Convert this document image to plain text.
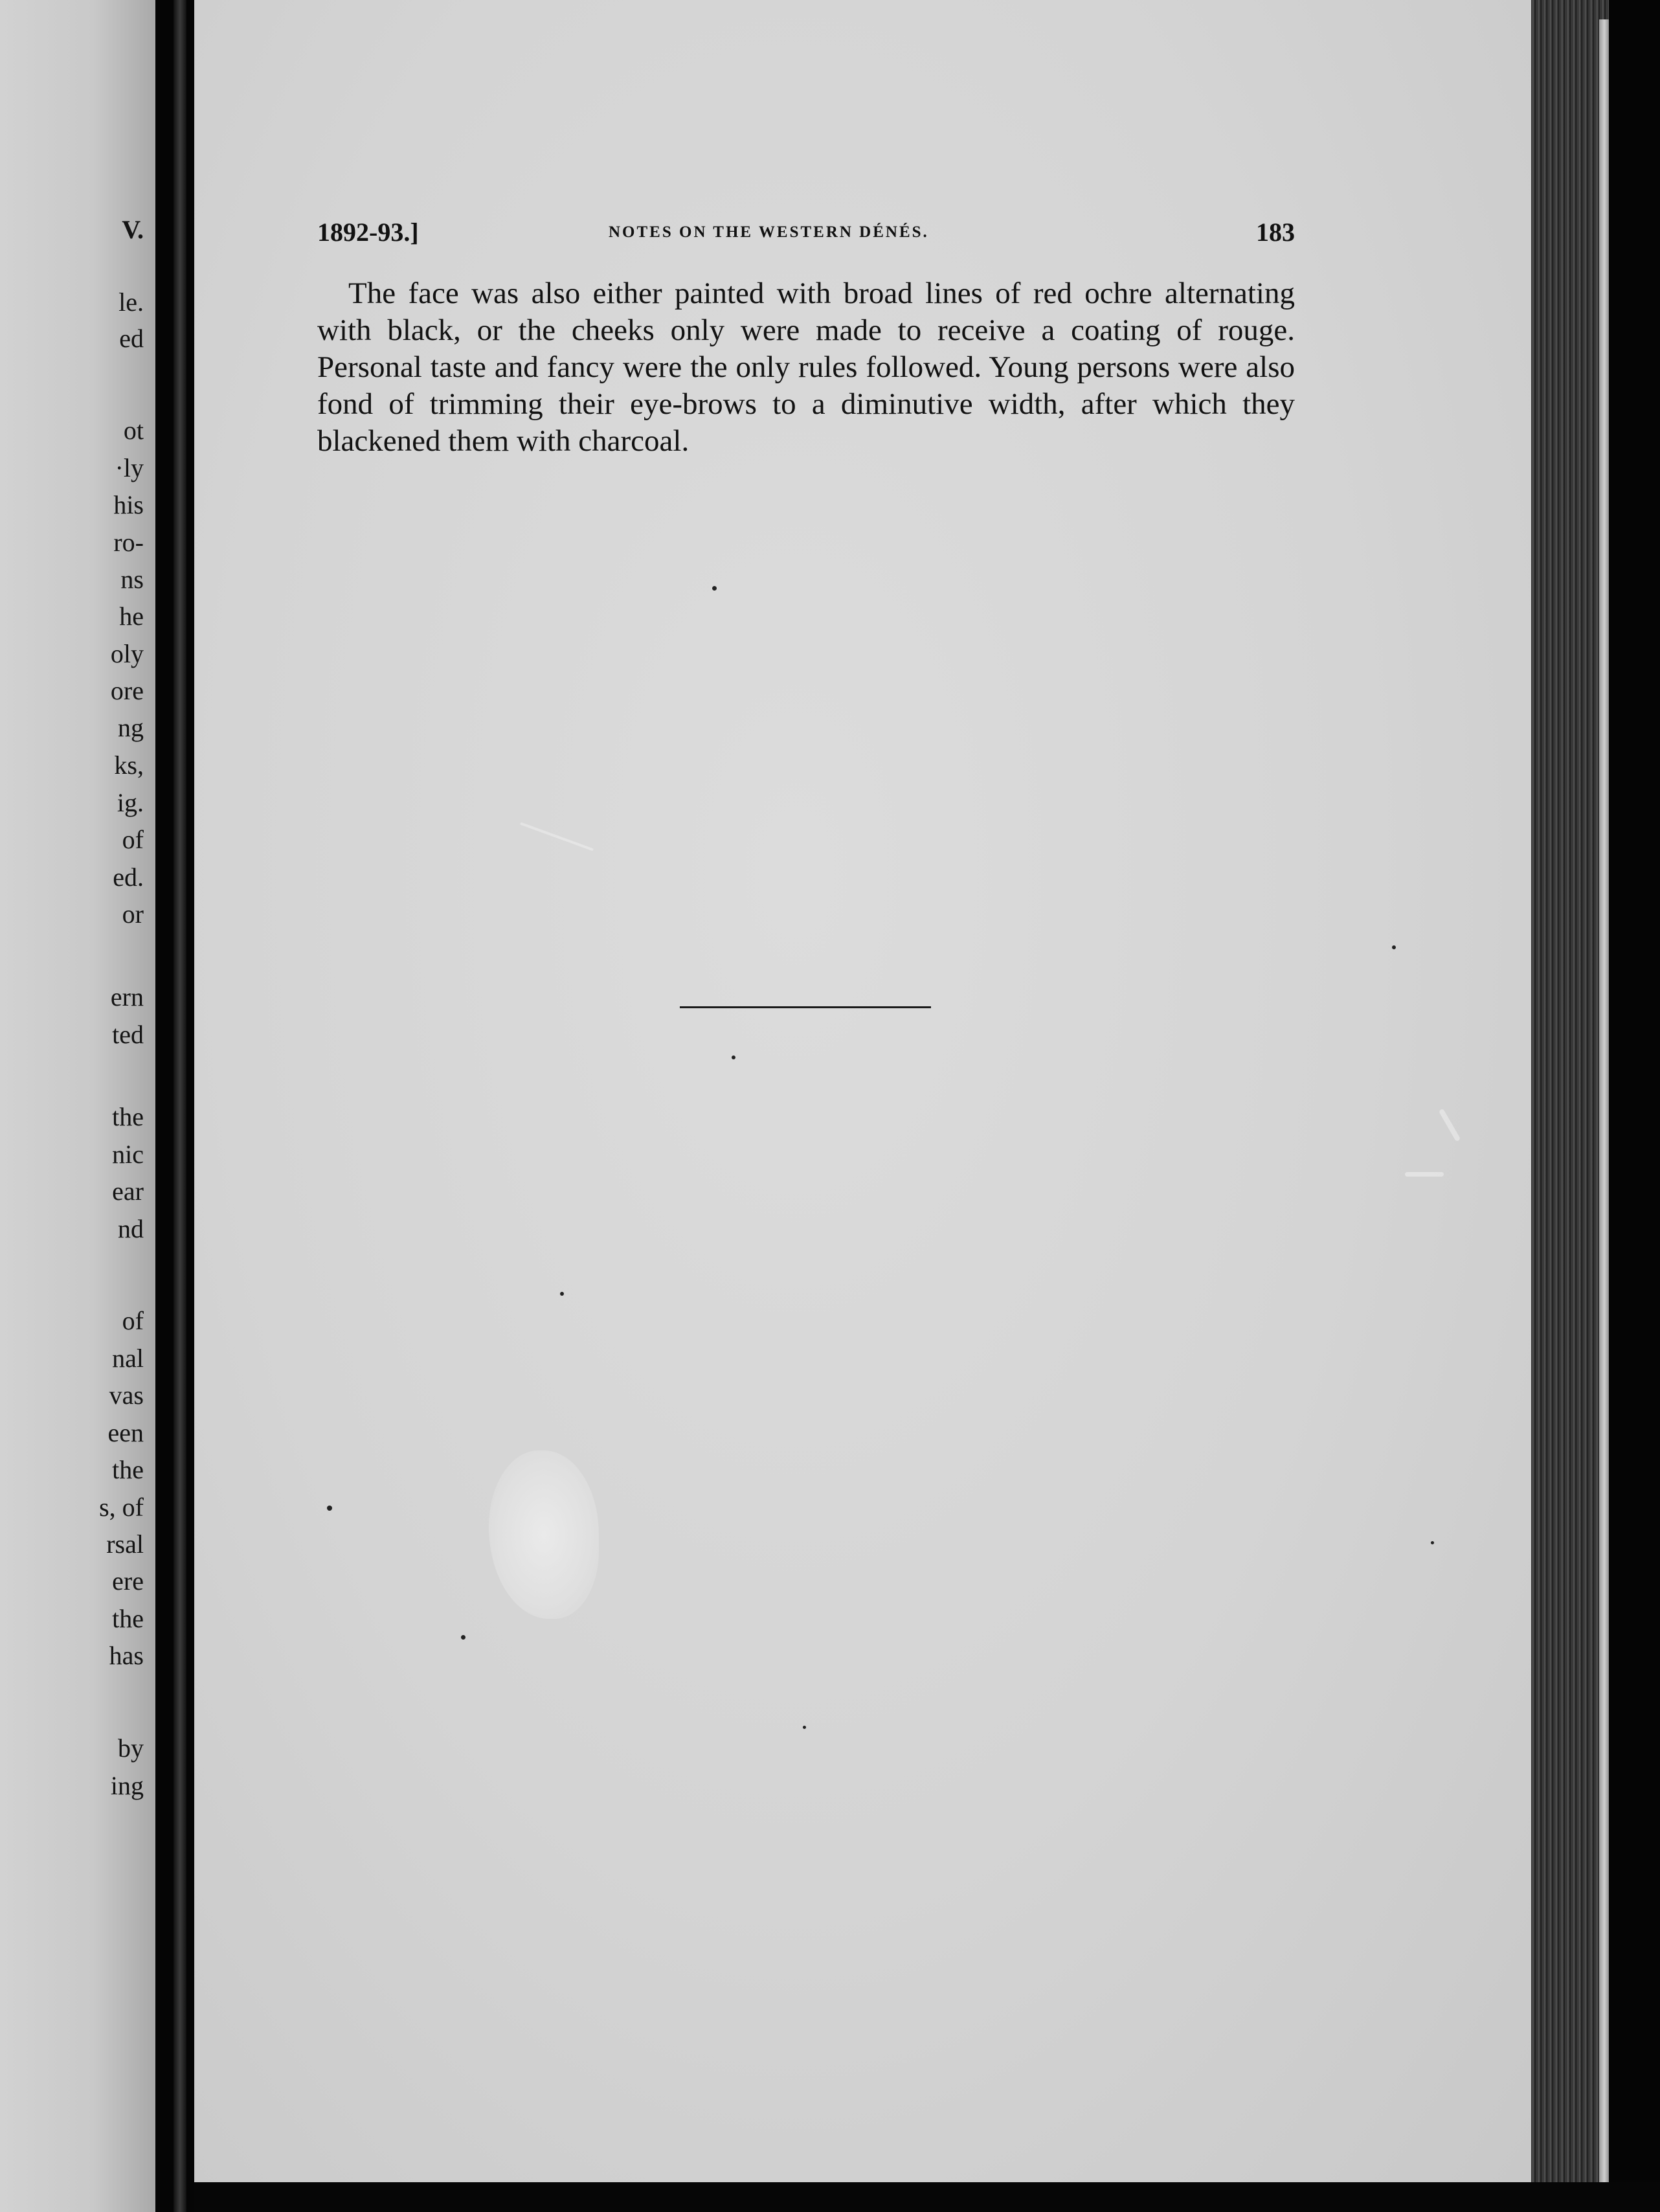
V.
le.
ed
ot
·ly
his
ro-
ns
he
oly
ore
ng
ks,
ig.
of
ed.
or
ern
ted
the
nic
ear
nd
of
nal
vas
een
the
s, of
rsal
ere
the
has
by
ing
1892-93.]	NOTES ON THE WESTERN DÉNÉS.	183
The face was also either painted with broad lines of red ochre alternating with black, or the cheeks only were made to receive a coating of rouge. Personal taste and fancy were the only rules followed. Young persons were also fond of trimming their eye-brows to a diminutive width, after which they blackened them with charcoal.
